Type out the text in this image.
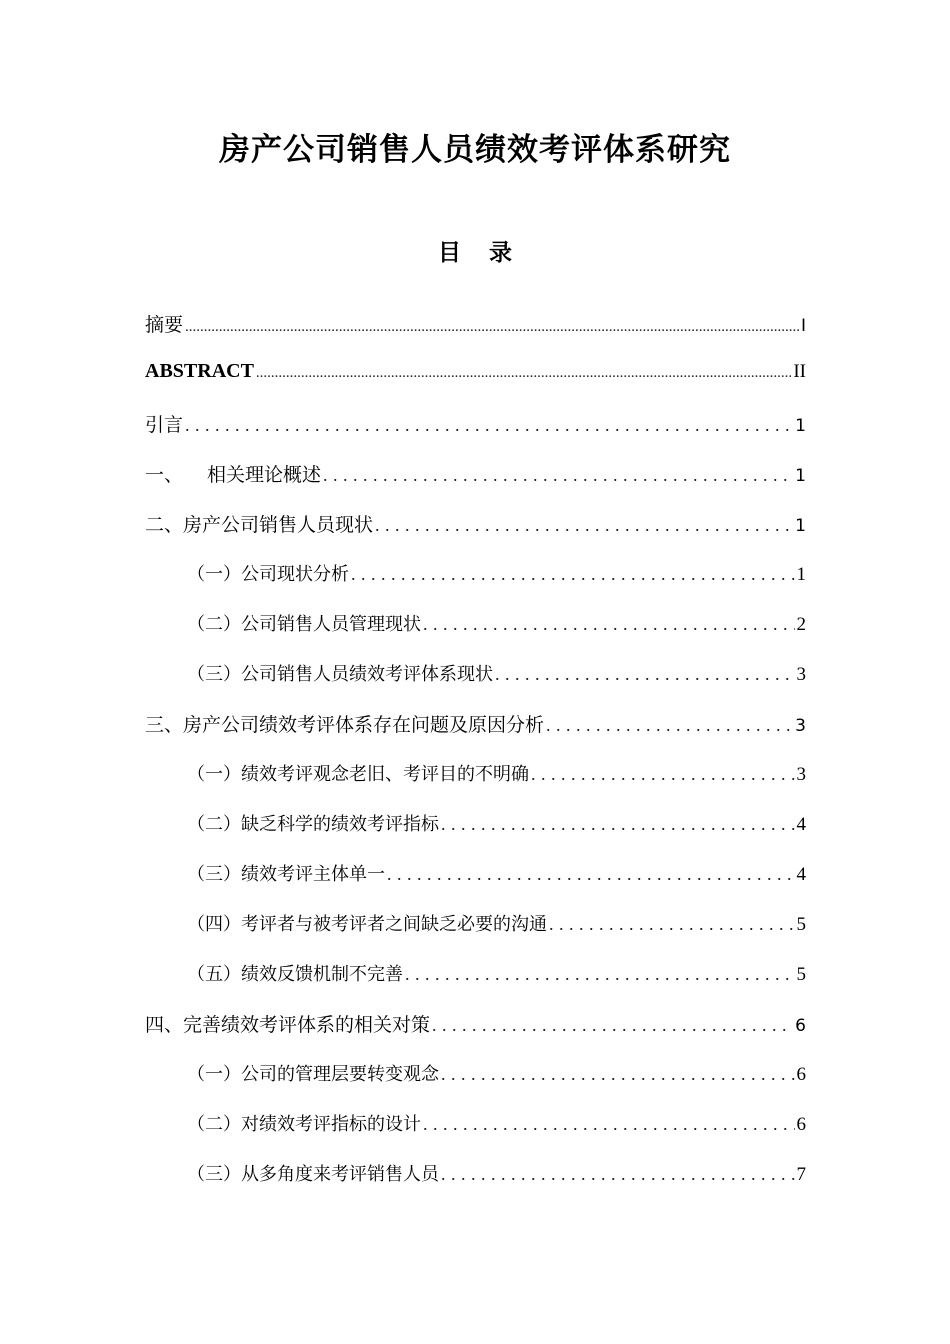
房产公司销售人员绩效考评体系研究
目录
摘要 .....	I
ABSTRACT .....	II
引言 . . .	1
一、 相关理论概述 . . .	1
二、房产公司销售人员现状 . . .	1
（一）公司现状分析 . . .	1
（二）公司销售人员管理现状 . . .	2
（三）公司销售人员绩效考评体系现状 . . .	3
三、房产公司绩效考评体系存在问题及原因分析 . . .	3
（一）绩效考评观念老旧、考评目的不明确 . . .	3
（二）缺乏科学的绩效考评指标 . . .	4
（三）绩效考评主体单一 . . .	4
（四）考评者与被考评者之间缺乏必要的沟通 . . .	5
（五）绩效反馈机制不完善 . . .	5
四、完善绩效考评体系的相关对策 . . .	6
（一）公司的管理层要转变观念 . . .	6
（二）对绩效考评指标的设计 . . .	6
（三）从多角度来考评销售人员 . . .	7
